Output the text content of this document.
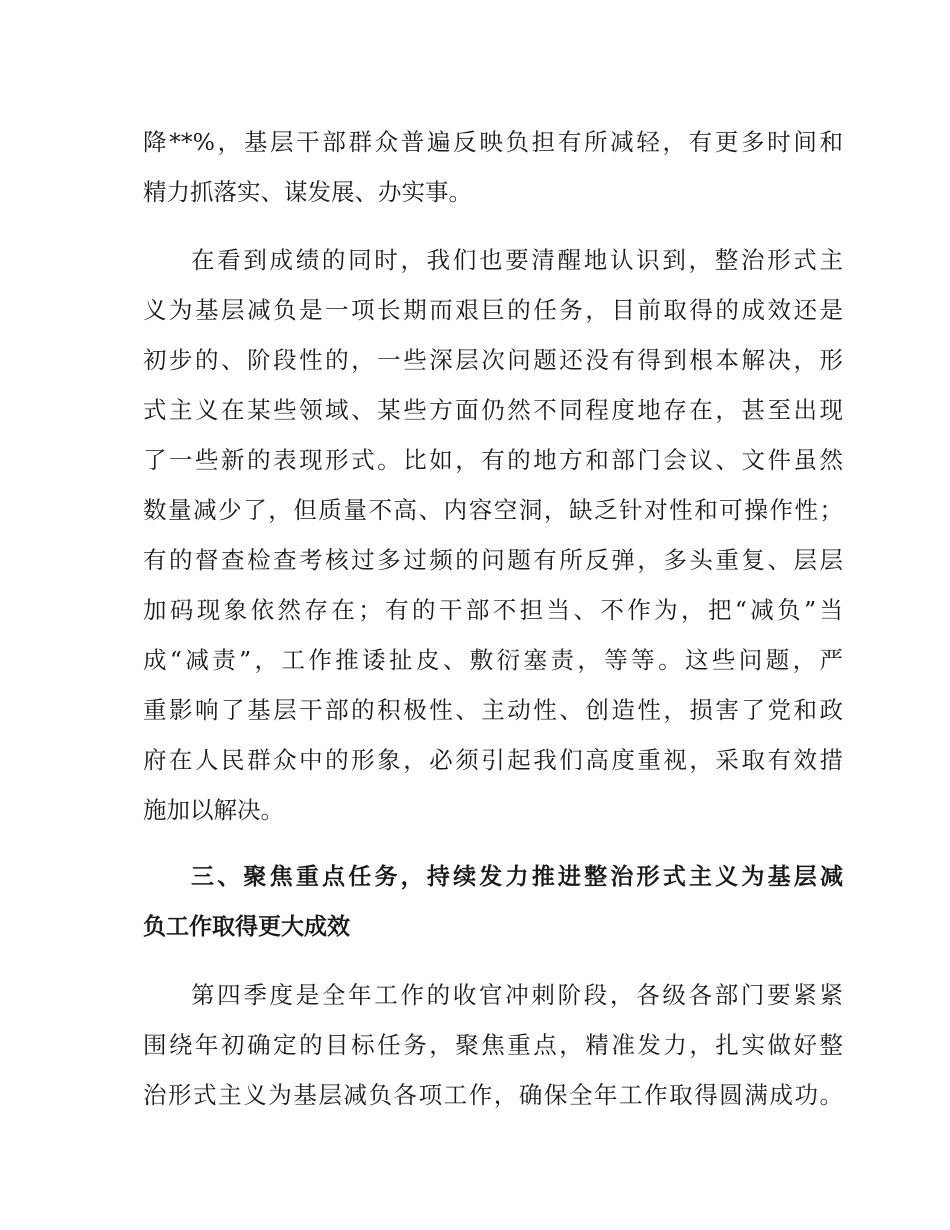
降**%，基层干部群众普遍反映负担有所减轻，有更多时间和

精力抓落实、谋发展、办实事。

在看到成绩的同时，我们也要清醒地认识到，整治形式主

义为基层减负是一项长期而艰巨的任务，目前取得的成效还是

初步的、阶段性的，一些深层次问题还没有得到根本解决，形

式主义在某些领域、某些方面仍然不同程度地存在，甚至出现

了一些新的表现形式。比如，有的地方和部门会议、文件虽然

数量减少了，但质量不高、内容空洞，缺乏针对性和可操作性；

有的督查检查考核过多过频的问题有所反弹，多头重复、层层

加码现象依然存在；有的干部不担当、不作为，把“减负”当

成“减责”，工作推诿扯皮、敷衍塞责，等等。这些问题，严

重影响了基层干部的积极性、主动性、创造性，损害了党和政

府在人民群众中的形象，必须引起我们高度重视，采取有效措

施加以解决。

三、聚焦重点任务，持续发力推进整治形式主义为基层减

负工作取得更大成效

第四季度是全年工作的收官冲刺阶段，各级各部门要紧紧

围绕年初确定的目标任务，聚焦重点，精准发力，扎实做好整

治形式主义为基层减负各项工作，确保全年工作取得圆满成功。
